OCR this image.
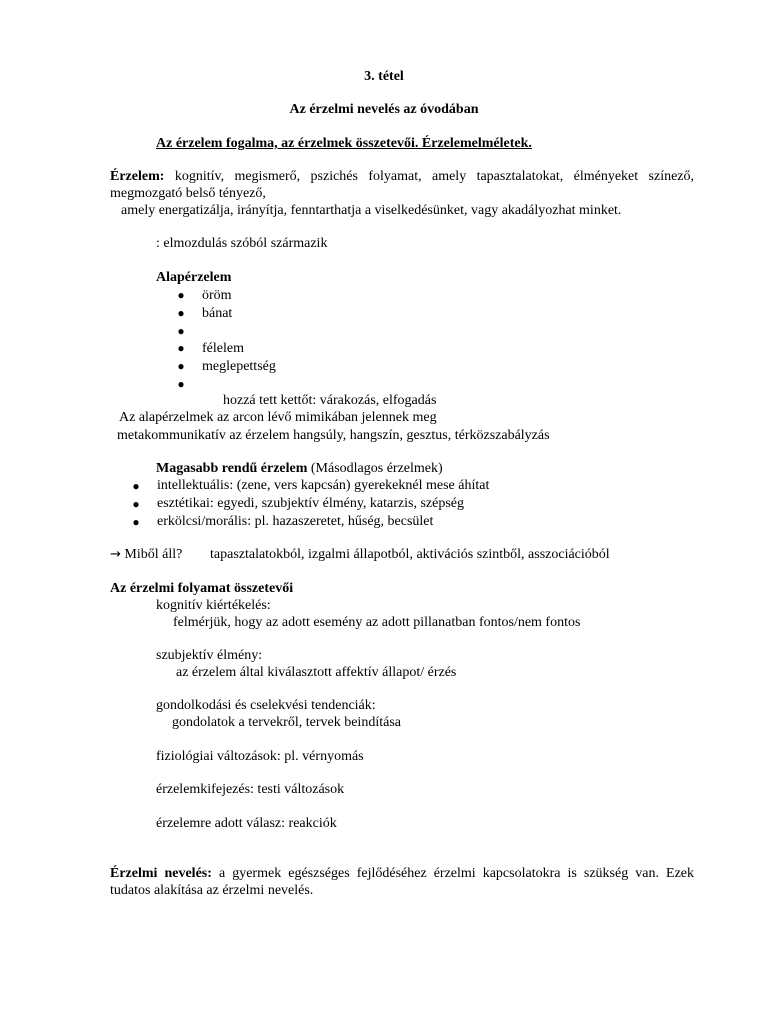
3. tétel
Az érzelmi nevelés az óvodában
Az érzelem fogalma, az érzelmek összetevői. Érzelemelméletek.
Érzelem: kognitív, megismerő, pszichés folyamat, amely tapasztalatokat, élményeket színező, megmozgató belső tényező,
amely energatizálja, irányítja, fenntarthatja a viselkedésünket, vagy akadályozhat minket.
: elmozdulás szóból származik
Alapérzelem
● öröm
● bánat
●
● félelem
● meglepettség
●
hozzá tett kettőt: várakozás, elfogadás
Az alapérzelmek az arcon lévő mimikában jelennek meg
metakommunikatív az érzelem hangsúly, hangszín, gesztus, térközszabályzás
Magasabb rendű érzelem (Másodlagos érzelmek)
● intellektuális: (zene, vers kapcsán) gyerekeknél mese áhítat
● esztétikai: egyedi, szubjektív élmény, katarzis, szépség
● erkölcsi/morális: pl. hazaszeretet, hűség, becsület
→ Miből áll? tapasztalatokból, izgalmi állapotból, aktivációs szintből, asszociációból
Az érzelmi folyamat összetevői
kognitív kiértékelés:
felmérjük, hogy az adott esemény az adott pillanatban fontos/nem fontos
szubjektív élmény:
az érzelem által kiválasztott affektív állapot/ érzés
gondolkodási és cselekvési tendenciák:
gondolatok a tervekről, tervek beindítása
fiziológiai változások: pl. vérnyomás
érzelemkifejezés: testi változások
érzelemre adott válasz: reakciók
Érzelmi nevelés: a gyermek egészséges fejlődéséhez érzelmi kapcsolatokra is szükség van. Ezek tudatos alakítása az érzelmi nevelés.
